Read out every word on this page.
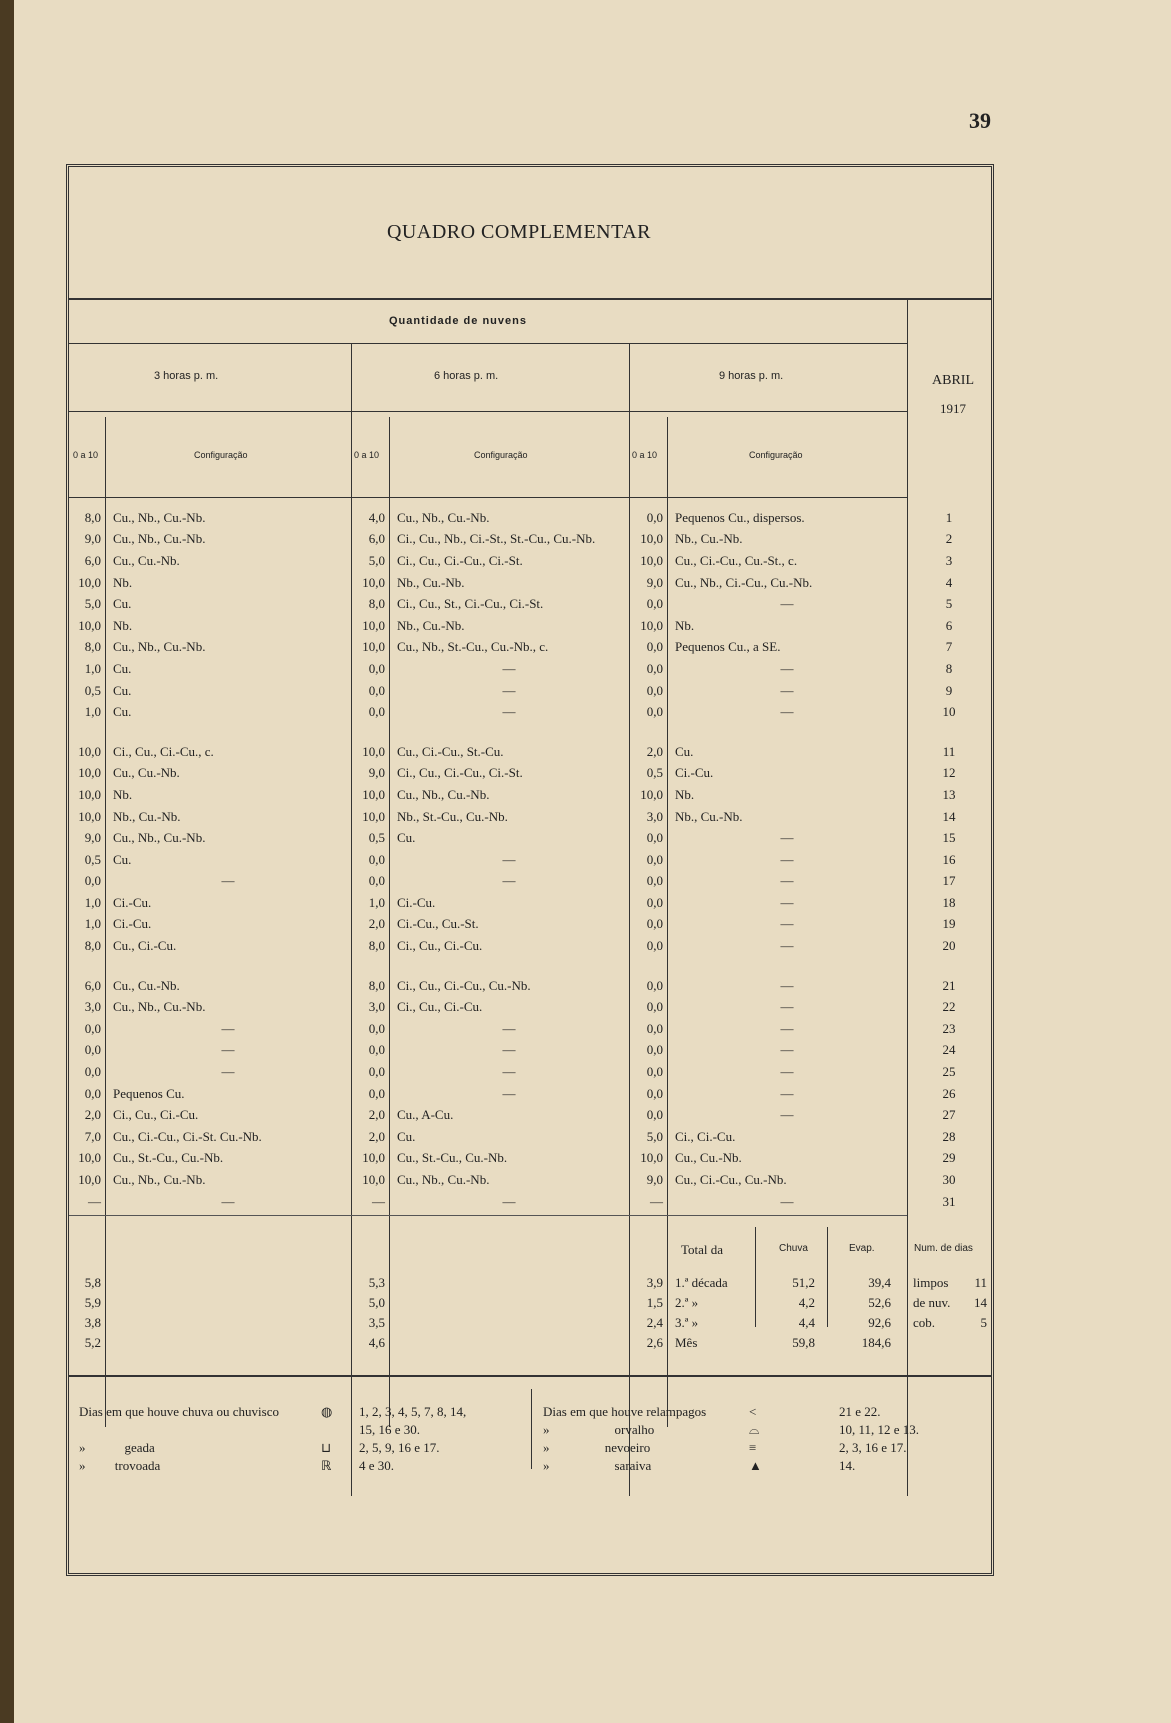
39
QUADRO COMPLEMENTAR
Quantidade de nuvens
3 horas p. m.	6 horas p. m.	9 horas p. m.	ABRIL
1917
0 a 10	Configuração	0 a 10	Configuração	0 a 10	Configuração
8,0	Cu., Nb., Cu.-Nb.	4,0	Cu., Nb., Cu.-Nb.	0,0	Pequenos Cu., dispersos.	1
9,0	Cu., Nb., Cu.-Nb.	6,0	Ci., Cu., Nb., Ci.-St., St.-Cu., Cu.-Nb.	10,0	Nb., Cu.-Nb.	2
6,0	Cu., Cu.-Nb.	5,0	Ci., Cu., Ci.-Cu., Ci.-St.	10,0	Cu., Ci.-Cu., Cu.-St., c.	3
10,0	Nb.	10,0	Nb., Cu.-Nb.	9,0	Cu., Nb., Ci.-Cu., Cu.-Nb.	4
5,0	Cu.	8,0	Ci., Cu., St., Ci.-Cu., Ci.-St.	0,0	—	5
10,0	Nb.	10,0	Nb., Cu.-Nb.	10,0	Nb.	6
8,0	Cu., Nb., Cu.-Nb.	10,0	Cu., Nb., St.-Cu., Cu.-Nb., c.	0,0	Pequenos Cu., a SE.	7
1,0	Cu.	0,0	—	0,0	—	8
0,5	Cu.	0,0	—	0,0	—	9
1,0	Cu.	0,0	—	0,0	—	10

10,0	Ci., Cu., Ci.-Cu., c.	10,0	Cu., Ci.-Cu., St.-Cu.	2,0	Cu.	11
10,0	Cu., Cu.-Nb.	9,0	Ci., Cu., Ci.-Cu., Ci.-St.	0,5	Ci.-Cu.	12
10,0	Nb.	10,0	Cu., Nb., Cu.-Nb.	10,0	Nb.	13
10,0	Nb., Cu.-Nb.	10,0	Nb., St.-Cu., Cu.-Nb.	3,0	Nb., Cu.-Nb.	14
9,0	Cu., Nb., Cu.-Nb.	0,5	Cu.	0,0	—	15
0,5	Cu.	0,0	—	0,0	—	16
0,0	—	0,0	—	0,0	—	17
1,0	Ci.-Cu.	1,0	Ci.-Cu.	0,0	—	18
1,0	Ci.-Cu.	2,0	Ci.-Cu., Cu.-St.	0,0	—	19
8,0	Cu., Ci.-Cu.	8,0	Ci., Cu., Ci.-Cu.	0,0	—	20

6,0	Cu., Cu.-Nb.	8,0	Ci., Cu., Ci.-Cu., Cu.-Nb.	0,0	—	21
3,0	Cu., Nb., Cu.-Nb.	3,0	Ci., Cu., Ci.-Cu.	0,0	—	22
0,0	—	0,0	—	0,0	—	23
0,0	—	0,0	—	0,0	—	24
0,0	—	0,0	—	0,0	—	25
0,0	Pequenos Cu.	0,0	—	0,0	—	26
2,0	Ci., Cu., Ci.-Cu.	2,0	Cu., A-Cu.	0,0	—	27
7,0	Cu., Ci.-Cu., Ci.-St. Cu.-Nb.	2,0	Cu.	5,0	Ci., Ci.-Cu.	28
10,0	Cu., St.-Cu., Cu.-Nb.	10,0	Cu., St.-Cu., Cu.-Nb.	10,0	Cu., Cu.-Nb.	29
10,0	Cu., Nb., Cu.-Nb.	10,0	Cu., Nb., Cu.-Nb.	9,0	Cu., Ci.-Cu., Cu.-Nb.	30
—	—	—	—	—	—	31
Total da	Chuva	Evap.	Num. de dias
5,8	5,3	3,9 1.ª década	51,2	39,4 limpos	11
5,9	5,0	1,5 2.ª »	4,2	52,6 de nuv.	14
3,8	3,5	2,4 3.ª »	4,4	92,6 cob.	5
5,2	4,6	2,6 Mês	59,8	184,6
Dias em que houve chuva ou chuvisco	◍ 1, 2, 3, 4, 5, 7, 8, 14,
15, 16 e 30.
»            geada	⊔ 2, 5, 9, 16 e 17.
»         trovoada	ℝ 4 e 30.
Dias em que houve relampagos	<	21 e 22.
»                    orvalho	⌓	10, 11, 12 e 13.
»                 nevoeiro	≡	2, 3, 16 e 17.
»                    saraiva	▲	14.
